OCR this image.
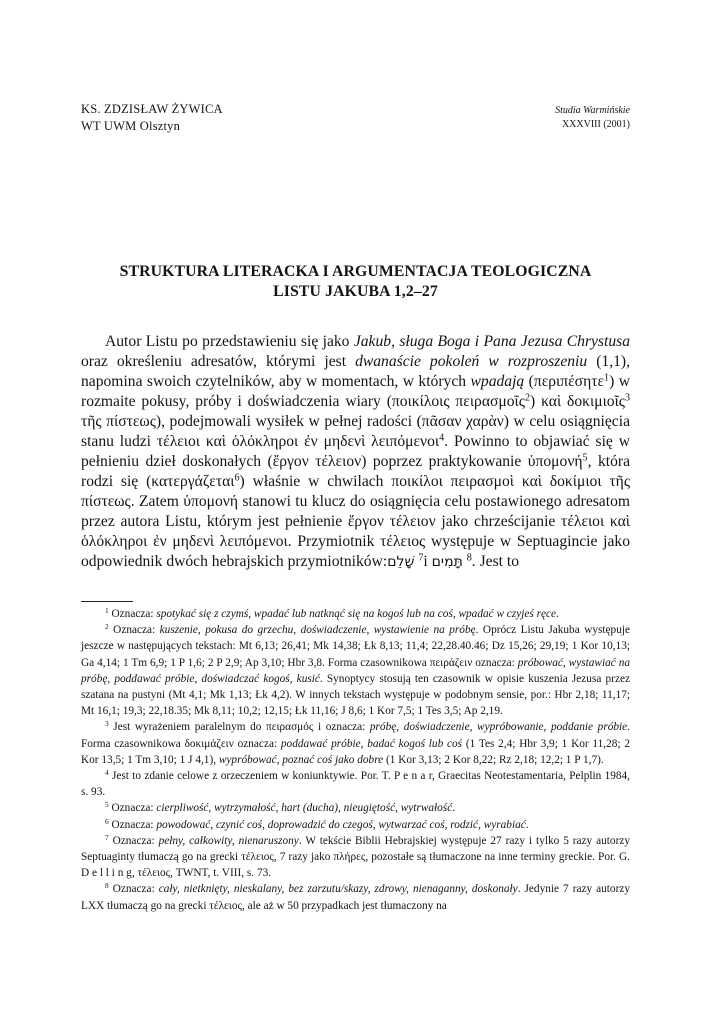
KS. ZDZISŁAW ŻYWICA
WT UWM Olsztyn
Studia Warmińskie
XXXVIII (2001)
STRUKTURA LITERACKA I ARGUMENTACJA TEOLOGICZNA
LISTU JAKUBA 1,2–27

Autor Listu po przedstawieniu się jako Jakub, sługa Boga i Pana Jezusa Chrystusa oraz określeniu adresatów, którymi jest dwanaście pokoleń w rozproszeniu (1,1), napomina swoich czytelników, aby w momentach, w których wpadają (περιπέσητε$^1$) w rozmaite pokusy, próby i doświadczenia wiary (ποικίλοις πειρασμοῖς$^2$) καὶ δοκιμιοῖς$^3$ τῆς πίστεως), podejmowali wysiłek w pełnej radości (πᾶσαν χαρὰν) w celu osiągnięcia stanu ludzi τέλειοι καὶ ὁλόκληροι ἐν μηδενὶ λειπόμενοι$^4$. Powinno to objawiać się w pełnieniu dzieł doskonałych (ἔργον τέλειον) poprzez praktykowanie ὑπομονή$^5$, która rodzi się (κατεργάζεται$^6$) właśnie w chwilach ποικίλοι πειρασμοὶ καὶ δοκίμιοι τῆς πίστεως. Zatem ὑπομονή stanowi tu klucz do osiągnięcia celu postawionego adresatom przez autora Listu, którym jest pełnienie ἔργον τέλειον jako chrześcijanie τέλειοι καὶ ὁλόκληροι ἐν μηδενὶ λειπόμενοι. Przymiotnik τέλειος występuje w Septuagincie jako odpowiednik dwóch hebrajskich przymiotników:שָׁלֵם $^7$i תָּמִים $^8$. Jest to

$^1$ Oznacza: spotykać się z czymś, wpadać lub natknąć się na kogoś lub na coś, wpadać w czyjeś ręce.

$^2$ Oznacza: kuszenie, pokusa do grzechu, doświadczenie, wystawienie na próbę. Oprócz Listu Jakuba występuje jeszcze w następujących tekstach: Mt 6,13; 26,41; Mk 14,38; Łk 8,13; 11,4; 22,28.40.46; Dz 15,26; 29,19; 1 Kor 10,13; Ga 4,14; 1 Tm 6,9; 1 P 1,6; 2 P 2,9; Ap 3,10; Hbr 3,8. Forma czasownikowa πειράζειν oznacza: próbować, wystawiać na próbę, poddawać próbie, doświadczać kogoś, kusić. Synoptycy stosują ten czasownik w opisie kuszenia Jezusa przez szatana na pustyni (Mt 4,1; Mk 1,13; Łk 4,2). W innych tekstach występuje w podobnym sensie, por.: Hbr 2,18; 11,17; Mt 16,1; 19,3; 22,18.35; Mk 8,11; 10,2; 12,15; Łk 11,16; J 8,6; 1 Kor 7,5; 1 Tes 3,5; Ap 2,19.

$^3$ Jest wyrażeniem paralelnym do πειρασμός i oznacza: próbę, doświadczenie, wypróbowanie, poddanie próbie. Forma czasownikowa δοκιμάζειν oznacza: poddawać próbie, badać kogoś lub coś (1 Tes 2,4; Hbr 3,9; 1 Kor 11,28; 2 Kor 13,5; 1 Tm 3,10; 1 J 4,1), wypróbować, poznać coś jako dobre (1 Kor 3,13; 2 Kor 8,22; Rz 2,18; 12,2; 1 P 1,7).

$^4$ Jest to zdanie celowe z orzeczeniem w koniunktywie. Por. T. P e n a r, Graecitas Neotestamentaria, Pelplin 1984, s. 93.

$^5$ Oznacza: cierpliwość, wytrzymałość, hart (ducha), nieugiętość, wytrwałość.

$^6$ Oznacza: powodować, czynić coś, doprowadzić do czegoś, wytwarzać coś, rodzić, wyrabiać.

$^7$ Oznacza: pełny, całkowity, nienaruszony. W tekście Biblii Hebrajskiej występuje 27 razy i tylko 5 razy autorzy Septuaginty tłumaczą go na grecki τέλειος, 7 razy jako πλήρες, pozostałe są tłumaczone na inne terminy greckie. Por. G. D e l l i n g, τέλειος, TWNT, t. VIII, s. 73.

$^8$ Oznacza: cały, nietknięty, nieskalany, bez zarzutu/skazy, zdrowy, nienaganny, doskonały. Jedynie 7 razy autorzy LXX tłumaczą go na grecki τέλειος, ale aż w 50 przypadkach jest tłumaczony na
